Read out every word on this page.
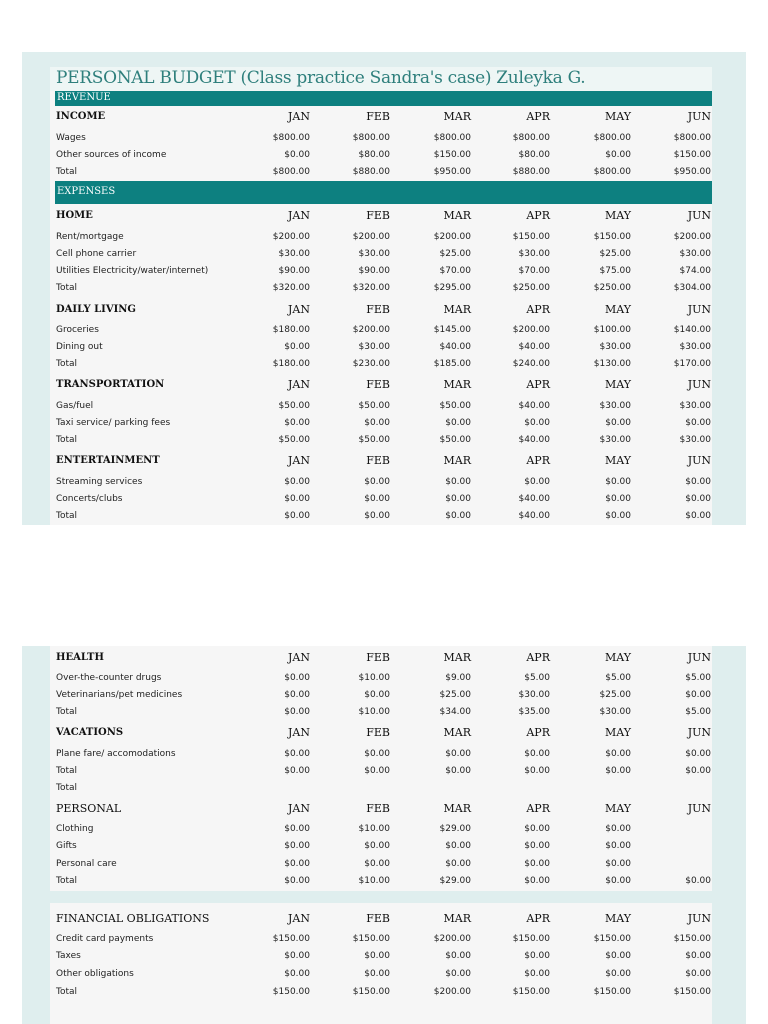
PERSONAL BUDGET (Class practice Sandra's case) Zuleyka G.
REVENUE
EXPENSES
INCOME	JAN	FEB	MAR	APR	MAY	JUN
Wages	$800.00	$800.00	$800.00	$800.00	$800.00	$800.00
Other sources of income	$0.00	$80.00	$150.00	$80.00	$0.00	$150.00
Total	$800.00	$880.00	$950.00	$880.00	$800.00	$950.00
HOME	JAN	FEB	MAR	APR	MAY	JUN
Rent/mortgage	$200.00	$200.00	$200.00	$150.00	$150.00	$200.00
Cell phone carrier	$30.00	$30.00	$25.00	$30.00	$25.00	$30.00
Utilities Electricity/water/internet)	$90.00	$90.00	$70.00	$70.00	$75.00	$74.00
Total	$320.00	$320.00	$295.00	$250.00	$250.00	$304.00
DAILY LIVING	JAN	FEB	MAR	APR	MAY	JUN
Groceries	$180.00	$200.00	$145.00	$200.00	$100.00	$140.00
Dining out	$0.00	$30.00	$40.00	$40.00	$30.00	$30.00
Total	$180.00	$230.00	$185.00	$240.00	$130.00	$170.00
TRANSPORTATION	JAN	FEB	MAR	APR	MAY	JUN
Gas/fuel	$50.00	$50.00	$50.00	$40.00	$30.00	$30.00
Taxi service/ parking fees	$0.00	$0.00	$0.00	$0.00	$0.00	$0.00
Total	$50.00	$50.00	$50.00	$40.00	$30.00	$30.00
ENTERTAINMENT	JAN	FEB	MAR	APR	MAY	JUN
Streaming services	$0.00	$0.00	$0.00	$0.00	$0.00	$0.00
Concerts/clubs	$0.00	$0.00	$0.00	$40.00	$0.00	$0.00
Total	$0.00	$0.00	$0.00	$40.00	$0.00	$0.00
HEALTH	JAN	FEB	MAR	APR	MAY	JUN
Over-the-counter drugs	$0.00	$10.00	$9.00	$5.00	$5.00	$5.00
Veterinarians/pet medicines	$0.00	$0.00	$25.00	$30.00	$25.00	$0.00
Total	$0.00	$10.00	$34.00	$35.00	$30.00	$5.00
VACATIONS	JAN	FEB	MAR	APR	MAY	JUN
Plane fare/ accomodations	$0.00	$0.00	$0.00	$0.00	$0.00	$0.00
Total	$0.00	$0.00	$0.00	$0.00	$0.00	$0.00
Total
PERSONAL	JAN	FEB	MAR	APR	MAY	JUN
Clothing	$0.00	$10.00	$29.00	$0.00	$0.00
Gifts	$0.00	$0.00	$0.00	$0.00	$0.00
Personal care	$0.00	$0.00	$0.00	$0.00	$0.00
Total	$0.00	$10.00	$29.00	$0.00	$0.00	$0.00
FINANCIAL OBLIGATIONS	JAN	FEB	MAR	APR	MAY	JUN
Credit card payments	$150.00	$150.00	$200.00	$150.00	$150.00	$150.00
Taxes	$0.00	$0.00	$0.00	$0.00	$0.00	$0.00
Other obligations	$0.00	$0.00	$0.00	$0.00	$0.00	$0.00
Total	$150.00	$150.00	$200.00	$150.00	$150.00	$150.00
